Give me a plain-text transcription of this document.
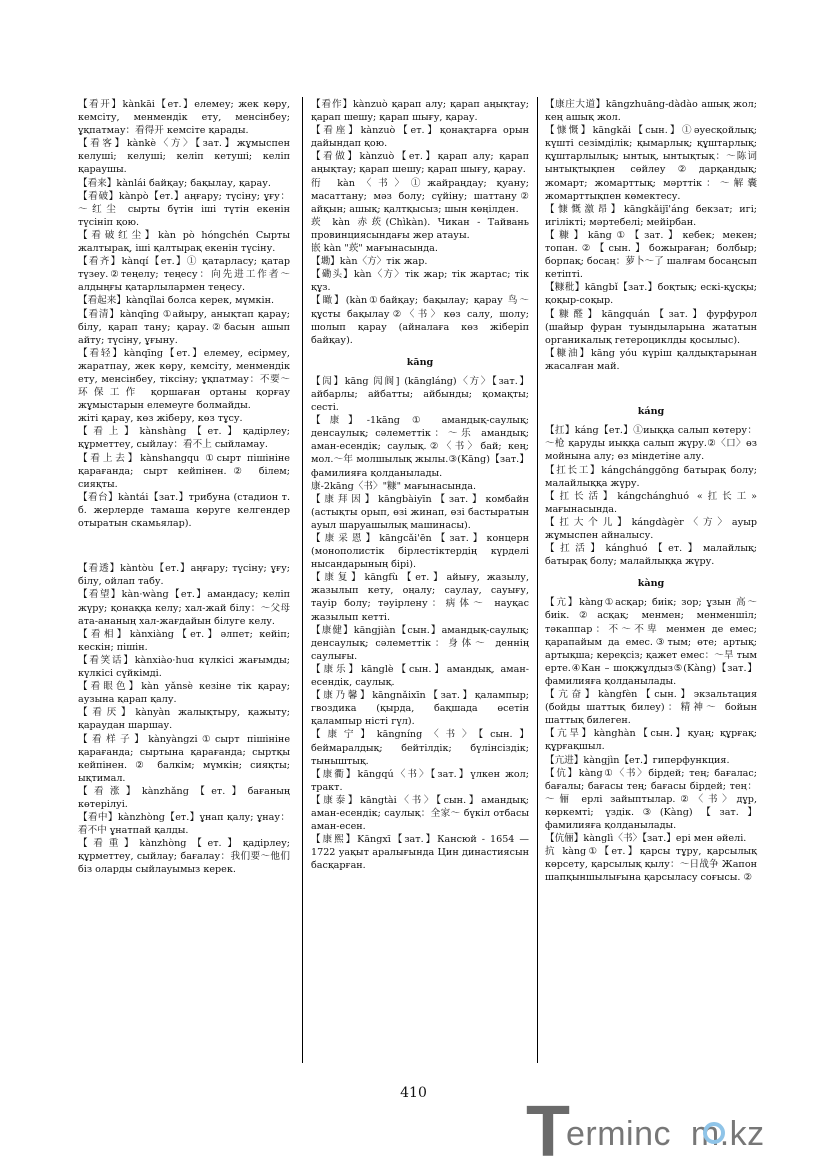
【看开】kànkāi【ет.】елемеу; жек көру, кемсіту, менмендік ету, менсінбеу; ұқпатмау：看得开 кемсіте қарады.

【看客】kànkè〈方〉【зат.】жұмыспен келуші; келуші; келіп кетуші; келіп қараушы.

【看来】kànlái байқау; бақылау, қарау.

【看破】kànpò【ет.】аңғару; түсіну; ұғу：～红尘 сырты бүтін іші түтін екенін түсініп қою.

【看破红尘】kàn pò hóngchén Сырты жалтырақ, іші қалтырақ екенін түсіну.

【看齐】kànqí【ет.】① қатарласу; қатар түзеу.②теңелу; теңесу：向先进工作者～ алдыңғы қатарлылармен теңесу.

【看起来】kànqǐlai болса керек, мүмкін.

【看清】kànqīng ①айыру, анықтап қарау; білу, қарап тану; қарау.②басын ашып айту; түсіну, ұғыну.

【看轻】kànqīng【ет.】елемеу, есірмеу, жаратпау, жек көру, кемсіту, менмендік ету, менсінбеу, тіксіну; ұқпатмау：不要～环保工作 қоршаған ортаны қорғау жұмыстарын елемеуге болмайды.

жіті қарау, көз жіберу, көз тұсу.

【看上】kànshàng【ет.】қадірлеу; құрметтеу, сыйлау：看不上 сыйламау.

【看上去】kànshangqu ①сырт пішініне қарағанда; сырт кейпінен.② білем; сияқты.

【看台】kàntái【зат.】трибуна (стадион т. б. жерлерде тамаша көруге келгендер отыратын скамьялар).

【看透】kàntòu【ет.】аңғару; түсіну; ұғу; білу, ойлап табу.

【看望】kàn·wàng【ет.】амандасу; келіп жүру; қонаққа келу; хал-жай білу：～父母 ата-ананың хал-жағдайын білуге келу.

【看相】kànxiàng【ет.】әлпет; кейіп; кескін; пішін.

【看笑话】kànxiào·huɑ күлкісі жағымды; күлкісі сүйкімді.

【看眼色】kàn yǎnsè кезіне тік қарау; аузына қарап қалу.

【看厌】kànyàn жалықтыру, қажыту; қараудан шаршау.

【看样子】kànyàngzi①сырт пішініне қарағанда; сыртына қарағанда; сыртқы кейпінен. ② балкім; мүмкін; сияқты; ықтимал.

【看涨】kànzhǎng【ет.】бағаның көтерілуі.

【看中】kànzhòng【ет.】ұнап қалу; ұнау：看不中 ұнатпай қалды.

【看重】kànzhòng【ет.】қадірлеу; құрметтеу, сыйлау; бағалау：我们要～他们 біз оларды сыйлауымыз керек.

【看作】kànzuò қарап алу; қарап аңықтау; қарап шешу; қарап шығу, қарау.

【看座】kànzuò【ет.】қонақтарға орын дайындап қою.

【看做】kànzuò【ет.】қарап алу; қарап аңықтау; қарап шешу; қарап шығу, қарау.

衎 kàn〈书〉①жайраңдау; қуану; масаттану; мәз болу; сүйіну; шаттану② айқын; ашық; қалтқысыз; шын көңілден.

莰 kàn 赤莰(Chìkàn). Чикан - Тайвань провинциясындағы жер атауы.

嵌 kàn "莰" мағынасында.

【墈】kàn〈方〉тік жар.

【磡头】kàn〈方〉тік жар; тік жартас; тік құз.

【瞰】(kàn①байқау; бақылау; қарау 鸟～ құсты бақылау②〈书〉көз салу, шолу; шолып қарау (айналаға көз жіберіп байқау).

kāng

【闶】kāng 闶阆] (kāngláng)〈方〉【зат.】айбарлы; айбатты; айбынды; қомақты; сесті.

【康】-1kāng ① амандық-саулық; денсаулық; сәлеметтік：～乐 амандық; аман-есендік; саулық.②〈书〉бай; кең; мол.～年 молшылық жылы.③(Kāng)【зат.】фамилияға қолданылады.

康-2kāng〈书〉"糠" мағынасында.

【康拜因】kāngbàiyīn【зат.】комбайн (астықты орып, өзі жинап, өзі бастыратын ауыл шаруашылық машинасы).

【康采恩】kāngcǎi'ēn【зат.】концерн (монополистік бірлестіктердің күрделі нысандарының бірі).

【康复】kāngfù【ет.】айығу, жазылу, жазылып кету, оңалу; саулау, сауығу, тауір болу; тәуірлену：病体～ науқас жазылып кетті.

【康健】kāngjiàn【сын.】амандық-саулық; денсаулық; сәлеметтік：身体～ деннің саулығы.

【康乐】kānglè【сын.】амандық, аман-есендік, саулық.

【康乃馨】kāngnǎixīn【зат.】қалампыр; гвоздика (қырда, бақшада өсетін қалампыр ністі гүл).

【康宁】kāngníng〈书〉【сын.】беймаралдық; бейтілдік; бүлінсіздік; тыныштық.

【康衢】kāngqú〈书〉【зат.】үлкен жол; тракт.

【康泰】kāngtài〈书〉【сын.】амандық; аман-есендік; саулық：全家～ бүкіл отбасы аман-есен.

【康熙】Kāngxī【зат.】Кансюй - 1654 — 1722 уақыт аралығында Цин династиясын басқарған.

【康庄大道】kāngzhuāng-dàdào ашық жол; кең ашық жол.

【慷慨】kāngkǎi【сын.】①әуесқойлық; күшті сезімділік; қымарлық; құштарлық; құштарлылық; ынтық, ынтықтық：～陈词 ынтықтықпен сөйлеу②дарқандық; жомарт; жомарттық; мәрттік：～解囊 жомарттықпен көмектесу.

【慷慨激昂】kāngkǎijī'áng бекзат; игі; игілікті; мәртебелі; мейірбан.

【糠】kāng①【зат.】кебек; мекен; топан.②【сын.】божыраған; болбыр; борпақ; босаң：萝卜～了 шалғам босаңсып кетіпті.

【糠秕】kāngbǐ【зат.】боқтық; ескі-құсқы; қоқыр-соқыр.

【糠醛】kāngquán【зат.】фурфурол (шайыр фуран туындыларына жататын органикалық гетероциклды қосылыс).

【糠油】kāng yóu күріш қалдықтарынан жасалған май.

káng

【扛】káng【ет.】①иыққа салып көтеру：～枪 қаруды иыққа салып жүру.②〈口〉өз мойнына алу; өз міндетіне алу.

【扛长工】kángchánggōng батырақ болу; малайлыққа жүру.

【扛长活】kángchánghuó «扛长工» мағынасында.

【扛大个儿】kángdàgèr〈方〉ауыр жұмыспен айналысу.

【扛活】kánghuó【ет.】малайлық; батырақ болу; малайлыққа жүру.

kàng

【亢】kàng①асқар; биік; зор; ұзын 高～ биік.②асқақ; менмен; менменшіл; тәкаппар：不～不卑 менмен де емес; қарапайым да емес.③тым; өте; артық; артықша; кереқсіз; қажет емес：～旱 тым ерте.④Кан – шоқжұлдыз⑤(Kàng)【зат.】фамилияға қолданылады.

【亢奋】kàngfèn【сын.】экзальтация (бойды шаттық билеу)：精神～ бойын шаттық билеген.

【亢旱】kànghàn【сын.】қуаң; құрғақ; құрғақшыл.

【亢进】kàngjìn【ет.】гиперфункция.

【伉】kàng①〈书〉бірдей; тең; бағалас; бағалы; бағасы тең; бағасы бірдей; тең：～俪 ерлі зайыптылар.②〈书〉дұр, көркемті; үздік.③(Kàng)【зат.】фамилияға қолданылады.

【伉俪】kànglì〈书〉【зат.】ері мен әйелі.

抗 kàng①【ет.】қарсы тұру, қарсылық көрсету, қарсылық қылу：～日战争 Жапон шапқыншылығына қарсыласу соғысы. ②

410	T
erminc  m.kz
